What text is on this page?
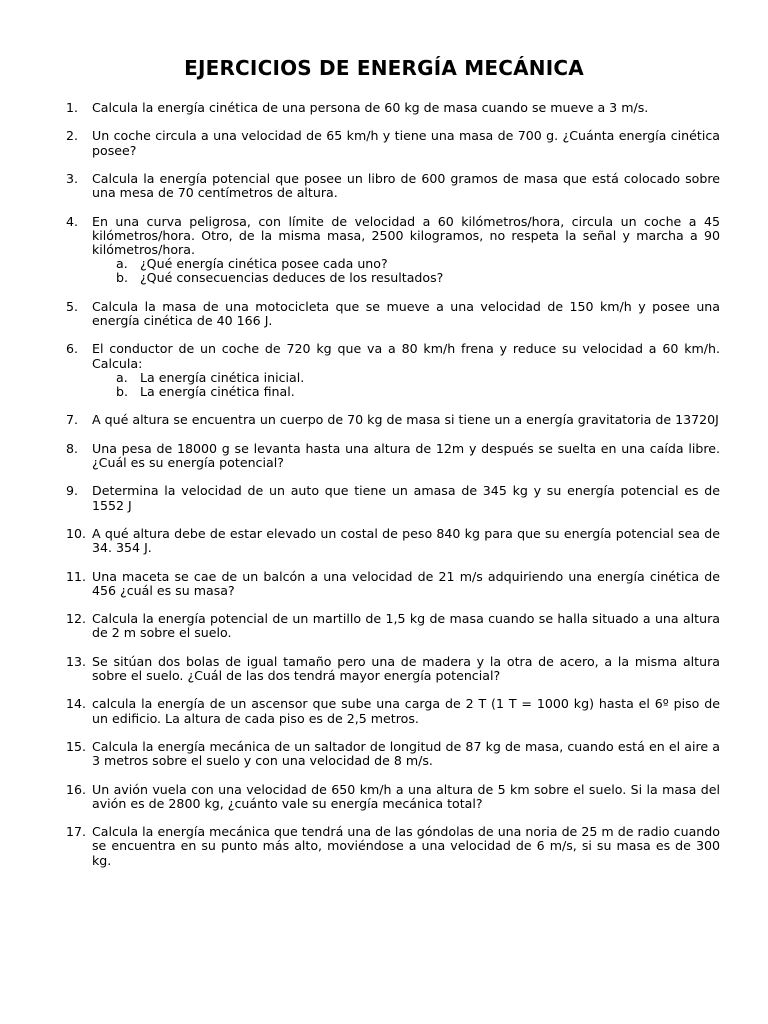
EJERCICIOS DE ENERGÍA MECÁNICA
1.	Calcula la energía cinética de una persona de 60 kg de masa cuando se mueve a 3 m/s.
2.	Un coche circula a una velocidad de 65 km/h y tiene una masa de 700 g. ¿Cuánta energía cinética posee?
3.	Calcula la energía potencial que posee un libro de 600 gramos de masa que está colocado sobre una mesa de 70 centímetros de altura.
4.	En una curva peligrosa, con límite de velocidad a 60 kilómetros/hora, circula un coche a 45 kilómetros/hora. Otro, de la misma masa, 2500 kilogramos, no respeta la señal y marcha a 90 kilómetros/hora.
a. ¿Qué energía cinética posee cada uno?
b. ¿Qué consecuencias deduces de los resultados?
5.	Calcula la masa de una motocicleta que se mueve a una velocidad de 150 km/h y posee una energía cinética de 40 166 J.
6.	El conductor de un coche de 720 kg que va a 80 km/h frena y reduce su velocidad a 60 km/h. Calcula:
a. La energía cinética inicial.
b. La energía cinética final.
7.	A qué altura se encuentra un cuerpo de 70 kg de masa si tiene un a energía gravitatoria de 13720J
8.	Una pesa de 18000 g se levanta hasta una altura de 12m y después se suelta en una caída libre. ¿Cuál es su energía potencial?
9.	Determina la velocidad de un auto que tiene un amasa de 345 kg y su energía potencial es de 1552 J
10. A qué altura debe de estar elevado un costal de peso 840 kg para que su energía potencial sea de 34. 354 J.
11. Una maceta se cae de un balcón a una velocidad de 21 m/s adquiriendo una energía cinética de 456 ¿cuál es su masa?
12. Calcula la energía potencial de un martillo de 1,5 kg de masa cuando se halla situado a una altura de 2 m sobre el suelo.
13. Se sitúan dos bolas de igual tamaño pero una de madera y la otra de acero, a la misma altura sobre el suelo. ¿Cuál de las dos tendrá mayor energía potencial?
14. calcula la energía de un ascensor que sube una carga de 2 T (1 T = 1000 kg) hasta el 6º piso de un edificio. La altura de cada piso es de 2,5 metros.
15. Calcula la energía mecánica de un saltador de longitud de 87 kg de masa, cuando está en el aire a 3 metros sobre el suelo y con una velocidad de 8 m/s.
16. Un avión vuela con una velocidad de 650 km/h a una altura de 5 km sobre el suelo. Si la masa del avión es de 2800 kg, ¿cuánto vale su energía mecánica total?
17. Calcula la energía mecánica que tendrá una de las góndolas de una noria de 25 m de radio cuando se encuentra en su punto más alto, moviéndose a una velocidad de 6 m/s, si su masa es de 300 kg.
